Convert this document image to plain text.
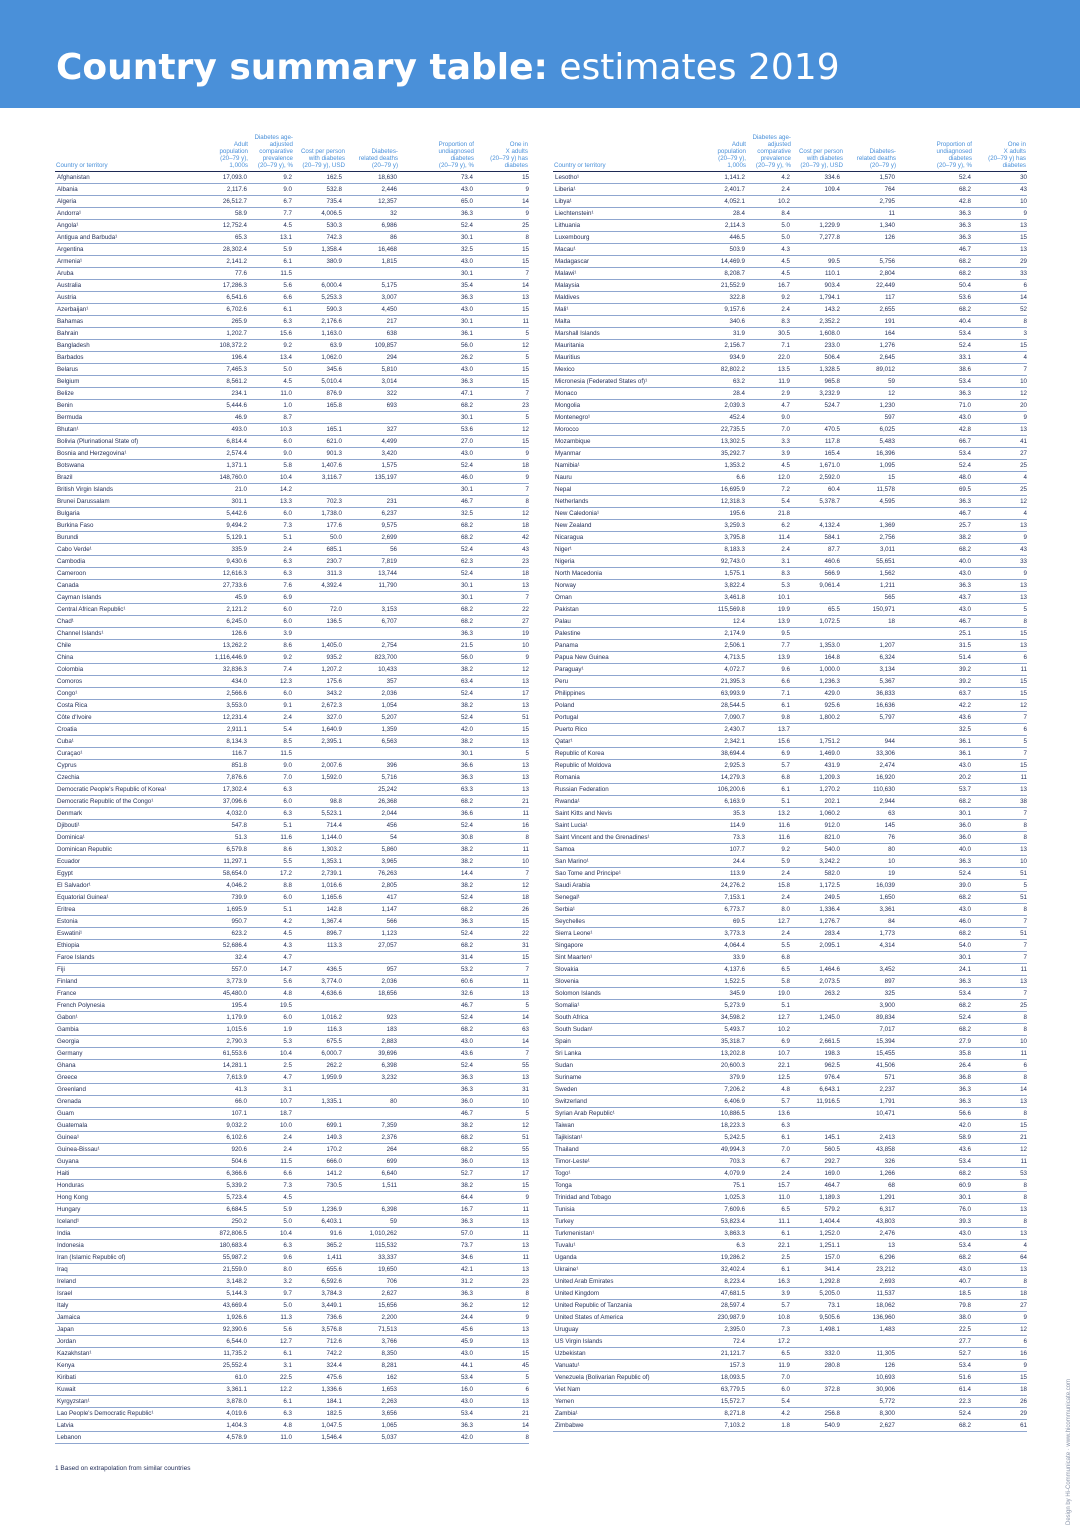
Country summary table: estimates 2019
Country or territory	Adult
population
(20–79 y),
1,000s	Diabetes age-
adjusted
comparative
prevalence
(20–79 y), %	Cost per person
with diabetes
(20–79 y), USD	Diabetes-
related deaths
(20–79 y)	Proportion of
undiagnosed
diabetes
(20–79 y), %	One in
X adults
(20–79 y) has
diabetes
Afghanistan	17,093.0	9.2	162.5	18,630	73.4	15
Albania	2,117.6	9.0	532.8	2,446	43.0	9
Algeria	26,512.7	6.7	735.4	12,357	65.0	14
Andorra¹	58.9	7.7	4,006.5	32	36.3	9
Angola¹	12,752.4	4.5	530.3	6,986	52.4	25
Antigua and Barbuda¹	65.3	13.1	742.3	86	30.1	8
Argentina	28,302.4	5.9	1,358.4	16,468	32.5	15
Armenia¹	2,141.2	6.1	380.9	1,815	43.0	15
Aruba	77.6	11.5			30.1	7
Australia	17,286.3	5.6	6,000.4	5,175	35.4	14
Austria	6,541.6	6.6	5,253.3	3,007	36.3	13
Azerbaijan¹	6,702.6	6.1	590.3	4,450	43.0	15
Bahamas	265.9	6.3	2,176.6	217	30.1	11
Bahrain	1,202.7	15.6	1,163.0	638	36.1	5
Bangladesh	108,372.2	9.2	63.9	109,857	56.0	12
Barbados	196.4	13.4	1,062.0	294	26.2	5
Belarus	7,465.3	5.0	345.6	5,810	43.0	15
Belgium	8,561.2	4.5	5,010.4	3,014	36.3	15
Belize	234.1	11.0	876.9	322	47.1	7
Benin	5,444.6	1.0	165.8	693	68.2	23
Bermuda	46.9	8.7			30.1	5
Bhutan¹	493.0	10.3	165.1	327	53.6	12
Bolivia (Plurinational State of)	6,814.4	6.0	621.0	4,499	27.0	15
Bosnia and Herzegovina¹	2,574.4	9.0	901.3	3,420	43.0	9
Botswana	1,371.1	5.8	1,407.6	1,575	52.4	18
Brazil	148,760.0	10.4	3,116.7	135,197	46.0	9
British Virgin Islands	21.0	14.2			30.1	7
Brunei Darussalam	301.1	13.3	702.3	231	46.7	8
Bulgaria	5,442.6	6.0	1,738.0	6,237	32.5	12
Burkina Faso	9,494.2	7.3	177.6	9,575	68.2	18
Burundi	5,129.1	5.1	50.0	2,699	68.2	42
Cabo Verde¹	335.9	2.4	685.1	56	52.4	43
Cambodia	9,430.6	6.3	230.7	7,819	62.3	23
Cameroon	12,616.3	6.3	311.3	13,744	52.4	18
Canada	27,733.6	7.6	4,392.4	11,790	30.1	13
Cayman Islands	45.9	6.9			30.1	7
Central African Republic¹	2,121.2	6.0	72.0	3,153	68.2	22
Chad¹	6,245.0	6.0	136.5	6,707	68.2	27
Channel Islands¹	126.6	3.9			36.3	19
Chile	13,262.2	8.6	1,405.0	2,754	21.5	10
China	1,116,446.9	9.2	935.2	823,700	56.0	9
Colombia	32,836.3	7.4	1,207.2	10,433	38.2	12
Comoros	434.0	12.3	175.6	357	63.4	13
Congo¹	2,566.6	6.0	343.2	2,036	52.4	17
Costa Rica	3,553.0	9.1	2,672.3	1,054	38.2	13
Côte d'Ivoire	12,231.4	2.4	327.0	5,207	52.4	51
Croatia	2,911.1	5.4	1,640.9	1,359	42.0	15
Cuba¹	8,134.3	8.5	2,395.1	6,563	38.2	13
Curaçao¹	116.7	11.5			30.1	5
Cyprus	851.8	9.0	2,007.6	396	36.6	13
Czechia	7,876.6	7.0	1,592.0	5,716	36.3	13
Democratic People's Republic of Korea¹	17,302.4	6.3		25,242	63.3	13
Democratic Republic of the Congo¹	37,096.6	6.0	98.8	26,368	68.2	21
Denmark	4,032.0	6.3	5,523.1	2,044	36.6	11
Djibouti¹	547.8	5.1	714.4	456	52.4	16
Dominica¹	51.3	11.6	1,144.0	54	30.8	8
Dominican Republic	6,579.8	8.6	1,303.2	5,860	38.2	11
Ecuador	11,297.1	5.5	1,353.1	3,965	38.2	10
Egypt	58,654.0	17.2	2,739.1	76,263	14.4	7
El Salvador¹	4,046.2	8.8	1,016.6	2,805	38.2	12
Equatorial Guinea¹	739.9	6.0	1,165.6	417	52.4	18
Eritrea	1,695.9	5.1	142.8	1,147	68.2	26
Estonia	950.7	4.2	1,367.4	566	36.3	15
Eswatini¹	623.2	4.5	896.7	1,123	52.4	22
Ethiopia	52,686.4	4.3	113.3	27,057	68.2	31
Faroe Islands	32.4	4.7			31.4	15
Fiji	557.0	14.7	436.5	957	53.2	7
Finland	3,773.9	5.6	3,774.0	2,036	60.6	11
France	45,480.0	4.8	4,636.6	18,656	32.6	13
French Polynesia	195.4	19.5			46.7	5
Gabon¹	1,179.9	6.0	1,016.2	923	52.4	14
Gambia	1,015.6	1.9	116.3	183	68.2	63
Georgia	2,790.3	5.3	675.5	2,883	43.0	14
Germany	61,553.6	10.4	6,000.7	39,696	43.6	7
Ghana	14,281.1	2.5	262.2	6,398	52.4	55
Greece	7,613.9	4.7	1,959.9	3,232	36.3	13
Greenland	41.3	3.1			36.3	31
Grenada	66.0	10.7	1,335.1	80	36.0	10
Guam	107.1	18.7			46.7	5
Guatemala	9,032.2	10.0	699.1	7,359	38.2	12
Guinea¹	6,102.6	2.4	149.3	2,376	68.2	51
Guinea-Bissau¹	920.6	2.4	170.2	264	68.2	55
Guyana	504.6	11.5	666.0	699	36.0	13
Haiti	6,366.6	6.6	141.2	6,640	52.7	17
Honduras	5,339.2	7.3	730.5	1,511	38.2	15
Hong Kong	5,723.4	4.5			64.4	9
Hungary	6,684.5	5.9	1,236.9	6,398	16.7	11
Iceland¹	250.2	5.0	6,403.1	59	36.3	13
India	872,806.5	10.4	91.6	1,010,262	57.0	11
Indonesia	180,683.4	6.3	365.2	115,532	73.7	13
Iran (Islamic Republic of)	55,987.2	9.6	1,411	33,337	34.6	11
Iraq	21,559.0	8.0	655.6	19,650	42.1	13
Ireland	3,148.2	3.2	6,592.6	706	31.2	23
Israel	5,144.3	9.7	3,784.3	2,627	36.3	8
Italy	43,669.4	5.0	3,449.1	15,656	36.2	12
Jamaica	1,926.6	11.3	736.6	2,200	24.4	9
Japan	92,390.6	5.6	3,576.8	71,513	45.6	13
Jordan	6,544.0	12.7	712.6	3,766	45.9	13
Kazakhstan¹	11,735.2	6.1	742.2	8,350	43.0	15
Kenya	25,552.4	3.1	324.4	8,281	44.1	45
Kiribati	61.0	22.5	475.6	162	53.4	5
Kuwait	3,361.1	12.2	1,336.6	1,653	16.0	6
Kyrgyzstan¹	3,878.0	6.1	184.1	2,263	43.0	13
Lao People's Democratic Republic¹	4,019.6	6.3	182.5	3,656	53.4	21
Latvia	1,404.3	4.8	1,047.5	1,065	36.3	14
Lebanon	4,578.9	11.0	1,546.4	5,037	42.0	8
Country or territory	Adult
population
(20–79 y),
1,000s	Diabetes age-
adjusted
comparative
prevalence
(20–79 y), %	Cost per person
with diabetes
(20–79 y), USD	Diabetes-
related deaths
(20–79 y)	Proportion of
undiagnosed
diabetes
(20–79 y), %	One in
X adults
(20–79 y) has
diabetes
Lesotho¹	1,141.2	4.2	334.6	1,570	52.4	30
Liberia¹	2,401.7	2.4	109.4	764	68.2	43
Libya¹	4,052.1	10.2		2,795	42.8	10
Liechtenstein¹	28.4	8.4		11	36.3	9
Lithuania	2,114.3	5.0	1,229.9	1,340	36.3	13
Luxembourg	446.5	5.0	7,277.8	126	36.3	15
Macau¹	503.9	4.3			46.7	13
Madagascar	14,469.9	4.5	99.5	5,756	68.2	29
Malawi¹	8,208.7	4.5	110.1	2,804	68.2	33
Malaysia	21,552.9	16.7	903.4	22,449	50.4	6
Maldives	322.8	9.2	1,794.1	117	53.6	14
Mali¹	9,157.6	2.4	143.2	2,655	68.2	52
Malta	340.6	8.3	2,352.2	191	40.4	8
Marshall Islands	31.9	30.5	1,608.0	164	53.4	3
Mauritania	2,156.7	7.1	233.0	1,276	52.4	15
Mauritius	934.9	22.0	506.4	2,645	33.1	4
Mexico	82,802.2	13.5	1,328.5	89,012	38.6	7
Micronesia (Federated States of)¹	63.2	11.9	965.8	59	53.4	10
Monaco	28.4	2.9	3,232.9	12	36.3	12
Mongolia	2,039.3	4.7	524.7	1,230	71.0	20
Montenegro¹	452.4	9.0		597	43.0	9
Morocco	22,735.5	7.0	470.5	6,025	42.8	13
Mozambique	13,302.5	3.3	117.8	5,483	66.7	41
Myanmar	35,292.7	3.9	165.4	16,396	53.4	27
Namibia¹	1,353.2	4.5	1,671.0	1,095	52.4	25
Nauru	6.6	12.0	2,592.0	15	48.0	4
Nepal	16,695.9	7.2	60.4	11,578	69.5	25
Netherlands	12,318.3	5.4	5,378.7	4,595	36.3	12
New Caledonia¹	195.6	21.8			46.7	4
New Zealand	3,259.3	6.2	4,132.4	1,369	25.7	13
Nicaragua	3,795.8	11.4	584.1	2,756	38.2	9
Niger¹	8,183.3	2.4	87.7	3,011	68.2	43
Nigeria	92,743.0	3.1	460.6	55,651	40.0	33
North Macedonia	1,575.1	8.3	566.9	1,562	43.0	9
Norway	3,822.4	5.3	9,061.4	1,211	36.3	13
Oman	3,461.8	10.1		565	43.7	13
Pakistan	115,569.8	19.9	65.5	150,971	43.0	5
Palau	12.4	13.9	1,072.5	18	46.7	8
Palestine	2,174.9	9.5			25.1	15
Panama	2,506.1	7.7	1,353.0	1,207	31.5	13
Papua New Guinea	4,713.5	13.9	164.8	6,324	51.4	6
Paraguay¹	4,072.7	9.6	1,000.0	3,134	39.2	11
Peru	21,395.3	6.6	1,236.3	5,367	39.2	15
Philippines	63,993.9	7.1	429.0	36,833	63.7	15
Poland	28,544.5	6.1	925.6	16,636	42.2	12
Portugal	7,090.7	9.8	1,800.2	5,797	43.6	7
Puerto Rico	2,430.7	13.7			32.5	6
Qatar¹	2,342.1	15.6	1,751.2	944	36.1	5
Republic of Korea	38,694.4	6.9	1,469.0	33,306	36.1	7
Republic of Moldova	2,925.3	5.7	431.9	2,474	43.0	15
Romania	14,279.3	6.8	1,209.3	16,920	20.2	11
Russian Federation	106,200.6	6.1	1,270.2	110,630	53.7	13
Rwanda¹	6,163.9	5.1	202.1	2,944	68.2	38
Saint Kitts and Nevis	35.3	13.2	1,060.2	63	30.1	7
Saint Lucia¹	114.9	11.6	912.0	145	36.0	8
Saint Vincent and the Grenadines¹	73.3	11.6	821.0	76	36.0	8
Samoa	107.7	9.2	540.0	80	40.0	13
San Marino¹	24.4	5.9	3,242.2	10	36.3	10
Sao Tome and Principe¹	113.9	2.4	582.0	19	52.4	51
Saudi Arabia	24,276.2	15.8	1,172.5	16,039	39.0	5
Senegal¹	7,153.1	2.4	249.5	1,650	68.2	51
Serbia¹	6,773.7	8.0	1,336.4	3,361	43.0	8
Seychelles	69.5	12.7	1,276.7	84	46.0	7
Sierra Leone¹	3,773.3	2.4	283.4	1,773	68.2	51
Singapore	4,064.4	5.5	2,095.1	4,314	54.0	7
Sint Maarten¹	33.9	6.8			30.1	7
Slovakia	4,137.6	6.5	1,464.6	3,452	24.1	11
Slovenia	1,522.5	5.8	2,073.5	897	36.3	13
Solomon Islands	345.9	19.0	263.2	325	53.4	7
Somalia¹	5,273.9	5.1		3,900	68.2	25
South Africa	34,598.2	12.7	1,245.0	89,834	52.4	8
South Sudan¹	5,493.7	10.2		7,017	68.2	8
Spain	35,318.7	6.9	2,661.5	15,394	27.9	10
Sri Lanka	13,202.8	10.7	198.3	15,455	35.8	11
Sudan	20,600.3	22.1	962.5	41,506	26.4	6
Suriname	379.9	12.5	976.4	571	36.8	8
Sweden	7,206.2	4.8	6,643.1	2,237	36.3	14
Switzerland	6,406.9	5.7	11,916.5	1,791	36.3	13
Syrian Arab Republic¹	10,886.5	13.6		10,471	56.6	8
Taiwan	18,223.3	6.3			42.0	15
Tajikistan¹	5,242.5	6.1	145.1	2,413	58.9	21
Thailand	49,994.3	7.0	560.5	43,858	43.6	12
Timor-Leste¹	703.3	6.7	292.7	326	53.4	11
Togo¹	4,079.9	2.4	169.0	1,266	68.2	53
Tonga	75.1	15.7	464.7	68	60.9	8
Trinidad and Tobago	1,025.3	11.0	1,189.3	1,291	30.1	8
Tunisia	7,609.6	6.5	579.2	6,317	76.0	13
Turkey	53,823.4	11.1	1,404.4	43,803	39.3	8
Turkmenistan¹	3,863.3	6.1	1,252.0	2,476	43.0	13
Tuvalu¹	6.3	22.1	1,251.1	13	53.4	4
Uganda	19,286.2	2.5	157.0	6,296	68.2	64
Ukraine¹	32,402.4	6.1	341.4	23,212	43.0	13
United Arab Emirates	8,223.4	16.3	1,292.8	2,693	40.7	8
United Kingdom	47,681.5	3.9	5,205.0	11,537	18.5	18
United Republic of Tanzania	28,597.4	5.7	73.1	18,062	79.8	27
United States of America	230,987.9	10.8	9,505.6	136,960	38.0	9
Uruguay	2,395.0	7.3	1,498.1	1,483	22.5	12
US Virgin Islands	72.4	17.2			27.7	6
Uzbekistan	21,121.7	6.5	332.0	11,305	52.7	16
Vanuatu¹	157.3	11.9	280.8	126	53.4	9
Venezuela (Bolivarian Republic of)	18,093.5	7.0		10,693	51.6	15
Viet Nam	63,779.5	6.0	372.8	30,906	61.4	18
Yemen	15,572.7	5.4		5,772	22.3	26
Zambia¹	8,271.8	4.2	256.8	8,300	52.4	29
Zimbabwe	7,103.2	1.8	540.9	2,627	68.2	61
1 Based on extrapolation from similar countries	Design by Hi-Communicate · www.hicommunicate.com
